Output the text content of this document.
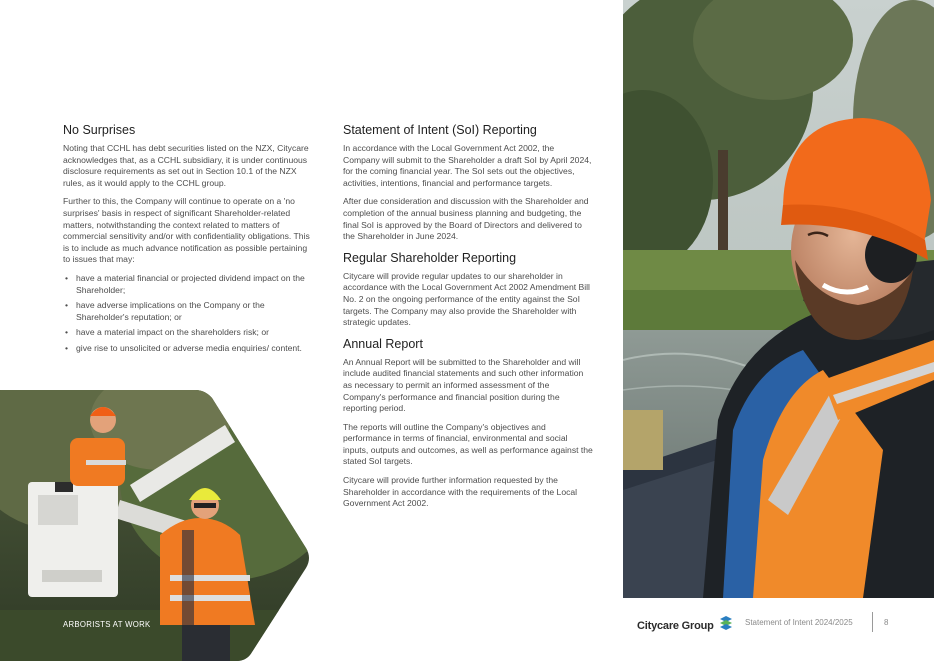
No Surprises

Noting that CCHL has debt securities listed on the NZX, Citycare acknowledges that, as a CCHL subsidiary, it is under continuous disclosure requirements as set out in Section 10.1 of the NZX rules, as it would apply to the CCHL group.

Further to this, the Company will continue to operate on a 'no surprises' basis in respect of significant Shareholder-related matters, notwithstanding the context related to matters of commercial sensitivity and/or with confidentiality obligations. This is to include as much advance notification as possible pertaining to issues that may:

• have a material financial or projected dividend impact on the Shareholder;
• have adverse implications on the Company or the Shareholder's reputation; or
• have a material impact on the shareholders risk; or
• give rise to unsolicited or adverse media enquiries/ content.
Statement of Intent (SoI) Reporting

In accordance with the Local Government Act 2002, the Company will submit to the Shareholder a draft SoI by April 2024, for the coming financial year. The SoI sets out the objectives, activities, intentions, financial and performance targets.

After due consideration and discussion with the Shareholder and completion of the annual business planning and budgeting, the final SoI is approved by the Board of Directors and delivered to the Shareholder in June 2024.

Regular Shareholder Reporting

Citycare will provide regular updates to our shareholder in accordance with the Local Government Act 2002 Amendment Bill No. 2 on the ongoing performance of the entity against the SoI targets. The Company may also provide the Shareholder with strategic updates.

Annual Report

An Annual Report will be submitted to the Shareholder and will include audited financial statements and such other information as necessary to permit an informed assessment of the Company's performance and financial position during the reporting period.

The reports will outline the Company's objectives and performance in terms of financial, environmental and social inputs, outputs and outcomes, as well as performance against the stated SoI targets.

Citycare will provide further information requested by the Shareholder in accordance with the requirements of the Local Government Act 2002.

ARBORISTS AT WORK	Citycare Group	Statement of Intent 2024/2025	8
